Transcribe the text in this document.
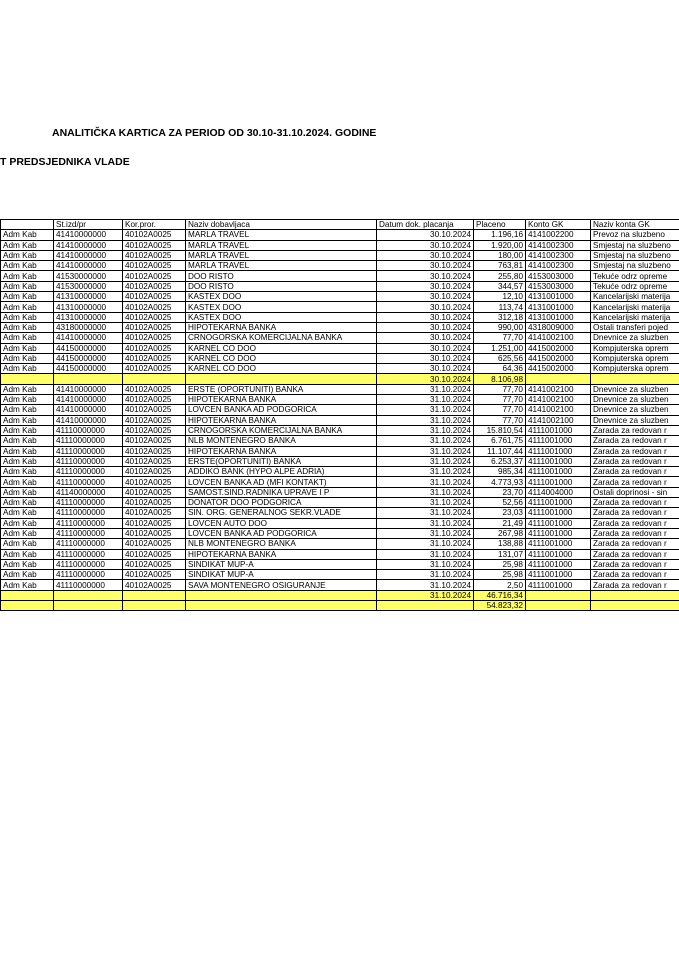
ANALITIČKA KARTICA ZA PERIOD OD 30.10-31.10.2024. GODINE
T PREDSJEDNIKA VLADE
	St.izd/pr	Kor.pror.	Naziv dobavljaca	Datum dok. placanja	Placeno	Konto GK	Naziv konta GK
Adm Kab	41410000000	40102A0025	MARLA TRAVEL	30.10.2024	1.196,16	4141002200	Prevoz na sluzbeno
Adm Kab	41410000000	40102A0025	MARLA TRAVEL	30.10.2024	1.920,00	4141002300	Smjestaj na sluzbeno
Adm Kab	41410000000	40102A0025	MARLA TRAVEL	30.10.2024	180,00	4141002300	Smjestaj na sluzbeno
Adm Kab	41410000000	40102A0025	MARLA TRAVEL	30.10.2024	763,81	4141002300	Smjestaj na sluzbeno
Adm Kab	41530000000	40102A0025	DOO RISTO	30.10.2024	255,80	4153003000	Tekuće odrz opreme
Adm Kab	41530000000	40102A0025	DOO RISTO	30.10.2024	344,57	4153003000	Tekuće odrz opreme
Adm Kab	41310000000	40102A0025	KASTEX DOO	30.10.2024	12,10	4131001000	Kancelarijski materija
Adm Kab	41310000000	40102A0025	KASTEX DOO	30.10.2024	113,74	4131001000	Kancelarijski materija
Adm Kab	41310000000	40102A0025	KASTEX DOO	30.10.2024	312,18	4131001000	Kancelarijski materija
Adm Kab	43180000000	40102A0025	HIPOTEKARNA BANKA	30.10.2024	990,00	4318009000	Ostali transferi pojed
Adm Kab	41410000000	40102A0025	CRNOGORSKA KOMERCIJALNA BANKA	30.10.2024	77,70	4141002100	Dnevnice za sluzben
Adm Kab	44150000000	40102A0025	KARNEL CO DOO	30.10.2024	1.251,00	4415002000	Kompjuterska oprem
Adm Kab	44150000000	40102A0025	KARNEL CO DOO	30.10.2024	625,56	4415002000	Kompjuterska oprem
Adm Kab	44150000000	40102A0025	KARNEL CO DOO	30.10.2024	64,36	4415002000	Kompjuterska oprem
				30.10.2024	8.106,98		
Adm Kab	41410000000	40102A0025	ERSTE (OPORTUNITI) BANKA	31.10.2024	77,70	4141002100	Dnevnice za sluzben
Adm Kab	41410000000	40102A0025	HIPOTEKARNA BANKA	31.10.2024	77,70	4141002100	Dnevnice za sluzben
Adm Kab	41410000000	40102A0025	LOVCEN BANKA AD PODGORICA	31.10.2024	77,70	4141002100	Dnevnice za sluzben
Adm Kab	41410000000	40102A0025	HIPOTEKARNA BANKA	31.10.2024	77,70	4141002100	Dnevnice za sluzben
Adm Kab	41110000000	40102A0025	CRNOGORSKA KOMERCIJALNA BANKA	31.10.2024	15.810,54	4111001000	Zarada za redovan r
Adm Kab	41110000000	40102A0025	NLB MONTENEGRO BANKA	31.10.2024	6.761,75	4111001000	Zarada za redovan r
Adm Kab	41110000000	40102A0025	HIPOTEKARNA BANKA	31.10.2024	11.107,44	4111001000	Zarada za redovan r
Adm Kab	41110000000	40102A0025	ERSTE(OPORTUNITI) BANKA	31.10.2024	6.253,37	4111001000	Zarada za redovan r
Adm Kab	41110000000	40102A0025	ADDIKO BANK (HYPO ALPE ADRIA)	31.10.2024	985,34	4111001000	Zarada za redovan r
Adm Kab	41110000000	40102A0025	LOVCEN BANKA AD (MFI KONTAKT)	31.10.2024	4.773,93	4111001000	Zarada za redovan r
Adm Kab	41140000000	40102A0025	SAMOST.SIND.RADNIKA UPRAVE I P	31.10.2024	23,70	4114004000	Ostali doprinosi - sin
Adm Kab	41110000000	40102A0025	DONATOR DOO PODGORICA	31.10.2024	52,56	4111001000	Zarada za redovan r
Adm Kab	41110000000	40102A0025	SIN. ORG. GENERALNOG SEKR.VLADE	31.10.2024	23,03	4111001000	Zarada za redovan r
Adm Kab	41110000000	40102A0025	LOVCEN AUTO DOO	31.10.2024	21,49	4111001000	Zarada za redovan r
Adm Kab	41110000000	40102A0025	LOVCEN BANKA AD PODGORICA	31.10.2024	267,98	4111001000	Zarada za redovan r
Adm Kab	41110000000	40102A0025	NLB MONTENEGRO BANKA	31.10.2024	138,88	4111001000	Zarada za redovan r
Adm Kab	41110000000	40102A0025	HIPOTEKARNA BANKA	31.10.2024	131,07	4111001000	Zarada za redovan r
Adm Kab	41110000000	40102A0025	SINDIKAT MUP-A	31.10.2024	25,98	4111001000	Zarada za redovan r
Adm Kab	41110000000	40102A0025	SINDIKAT MUP-A	31.10.2024	25,98	4111001000	Zarada za redovan r
Adm Kab	41110000000	40102A0025	SAVA MONTENEGRO OSIGURANJE	31.10.2024	2,50	4111001000	Zarada za redovan r
				31.10.2024	46.716,34		
					54.823,32		
